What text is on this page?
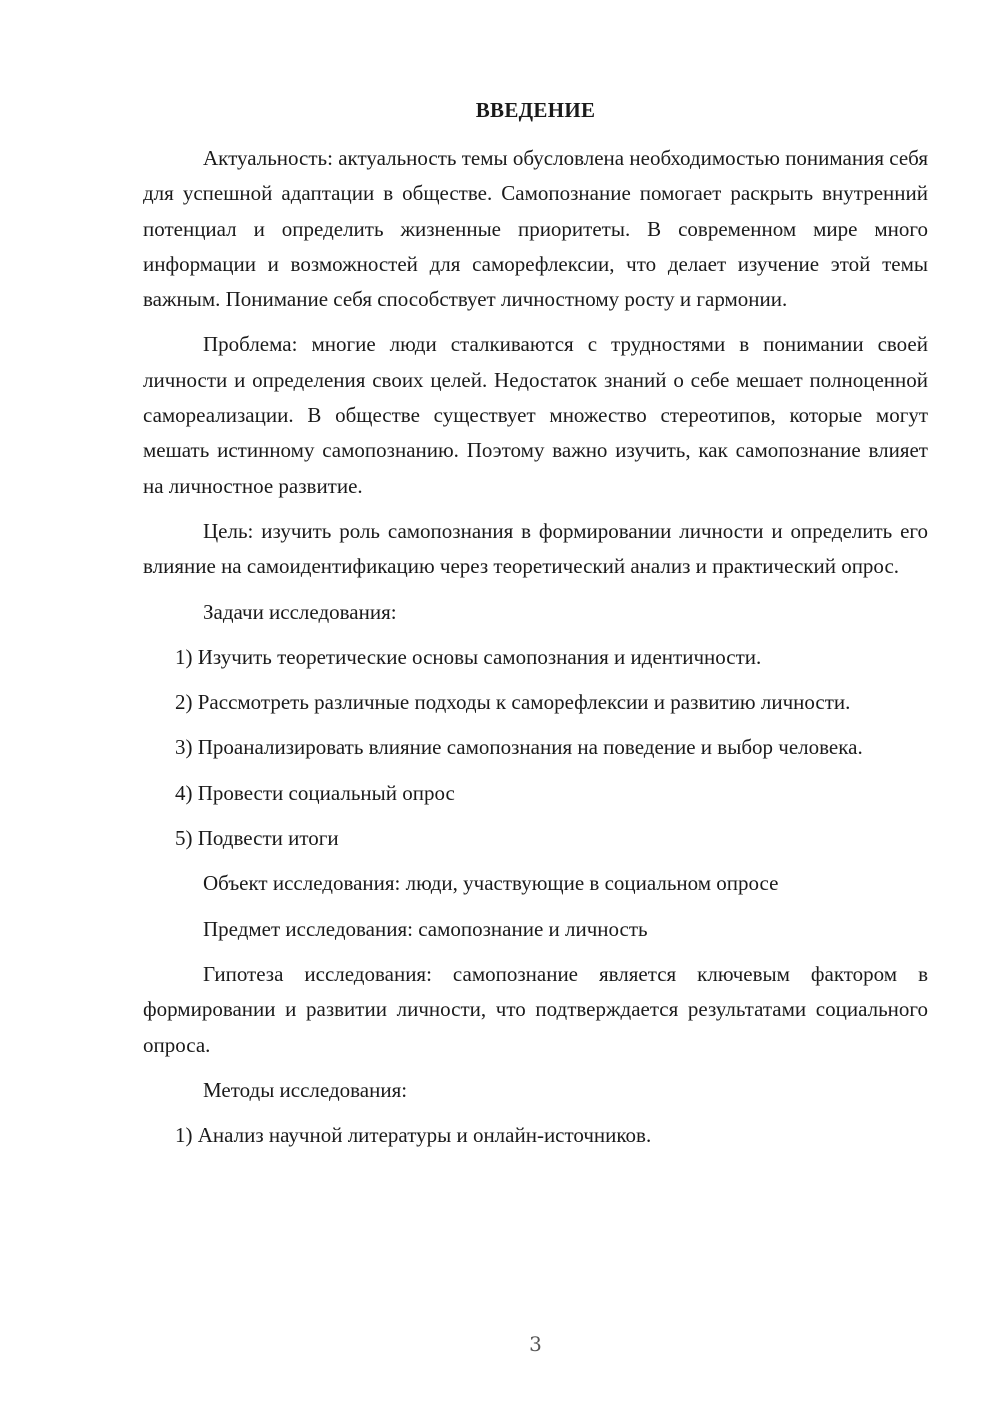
ВВЕДЕНИЕ

Актуальность: актуальность темы обусловлена необходимостью понимания себя для успешной адаптации в обществе. Самопознание помогает раскрыть внутренний потенциал и определить жизненные приоритеты. В современном мире много информации и возможностей для саморефлексии, что делает изучение этой темы важным. Понимание себя способствует личностному росту и гармонии.

Проблема: многие люди сталкиваются с трудностями в понимании своей личности и определения своих целей. Недостаток знаний о себе мешает полноценной самореализации. В обществе существует множество стереотипов, которые могут мешать истинному самопознанию. Поэтому важно изучить, как самопознание влияет на личностное развитие.

Цель: изучить роль самопознания в формировании личности и определить его влияние на самоидентификацию через теоретический анализ и практический опрос.

Задачи исследования:

1) Изучить теоретические основы самопознания и идентичности.

2) Рассмотреть различные подходы к саморефлексии и развитию личности.

3) Проанализировать влияние самопознания на поведение и выбор человека.

4) Провести социальный опрос

5) Подвести итоги

Объект исследования: люди, участвующие в социальном опросе

Предмет исследования: самопознание и личность

Гипотеза исследования: самопознание является ключевым фактором в формировании и развитии личности, что подтверждается результатами социального опроса.

Методы исследования:

1) Анализ научной литературы и онлайн-источников.

3
